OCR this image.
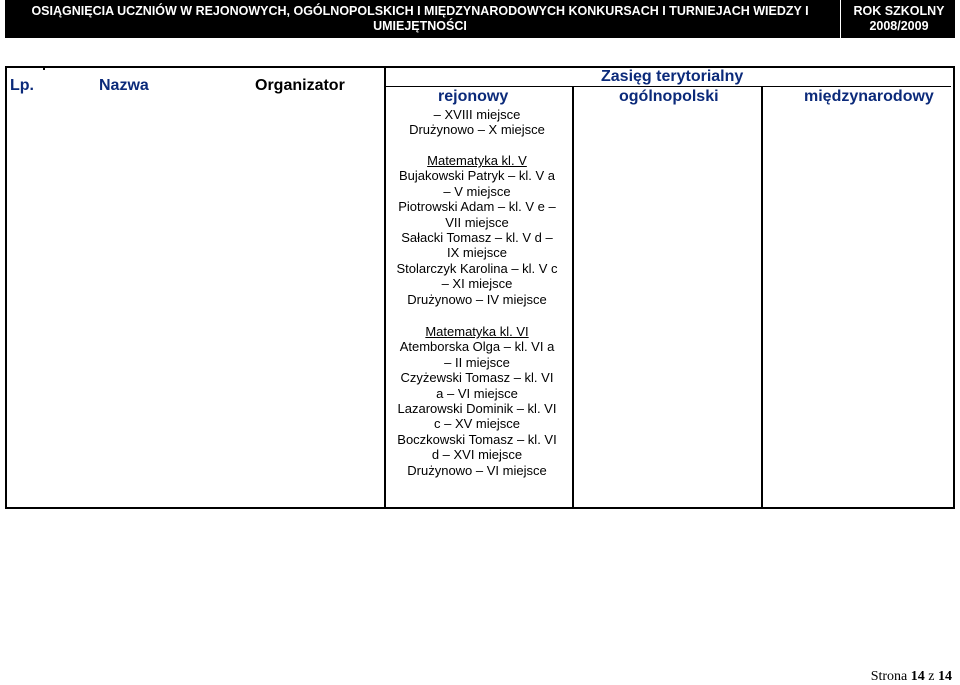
OSIĄGNIĘCIA UCZNIÓW W REJONOWYCH, OGÓLNOPOLSKICH I MIĘDZYNARODOWYCH KONKURSACH I TURNIEJACH WIEDZY I UMIEJĘTNOŚCI
ROK SZKOLNY
2008/2009
Lp.	Nazwa	Organizator
Zasięg terytorialny
rejonowy	ogólnopolski	międzynarodowy

– XVIII miejsce

Drużynowo – X miejsce

Matematyka kl. V

Bujakowski Patryk – kl. V a

– V miejsce

Piotrowski Adam – kl. V e –

VII miejsce

Sałacki Tomasz – kl. V d –

IX miejsce

Stolarczyk Karolina – kl. V c

– XI miejsce

Drużynowo – IV miejsce

Matematyka kl. VI

Atemborska Olga – kl. VI a

– II miejsce

Czyżewski Tomasz – kl. VI

a – VI miejsce

Lazarowski Dominik – kl. VI

c – XV miejsce

Boczkowski Tomasz – kl. VI

d – XVI miejsce

Drużynowo – VI miejsce

Strona 14 z 14
